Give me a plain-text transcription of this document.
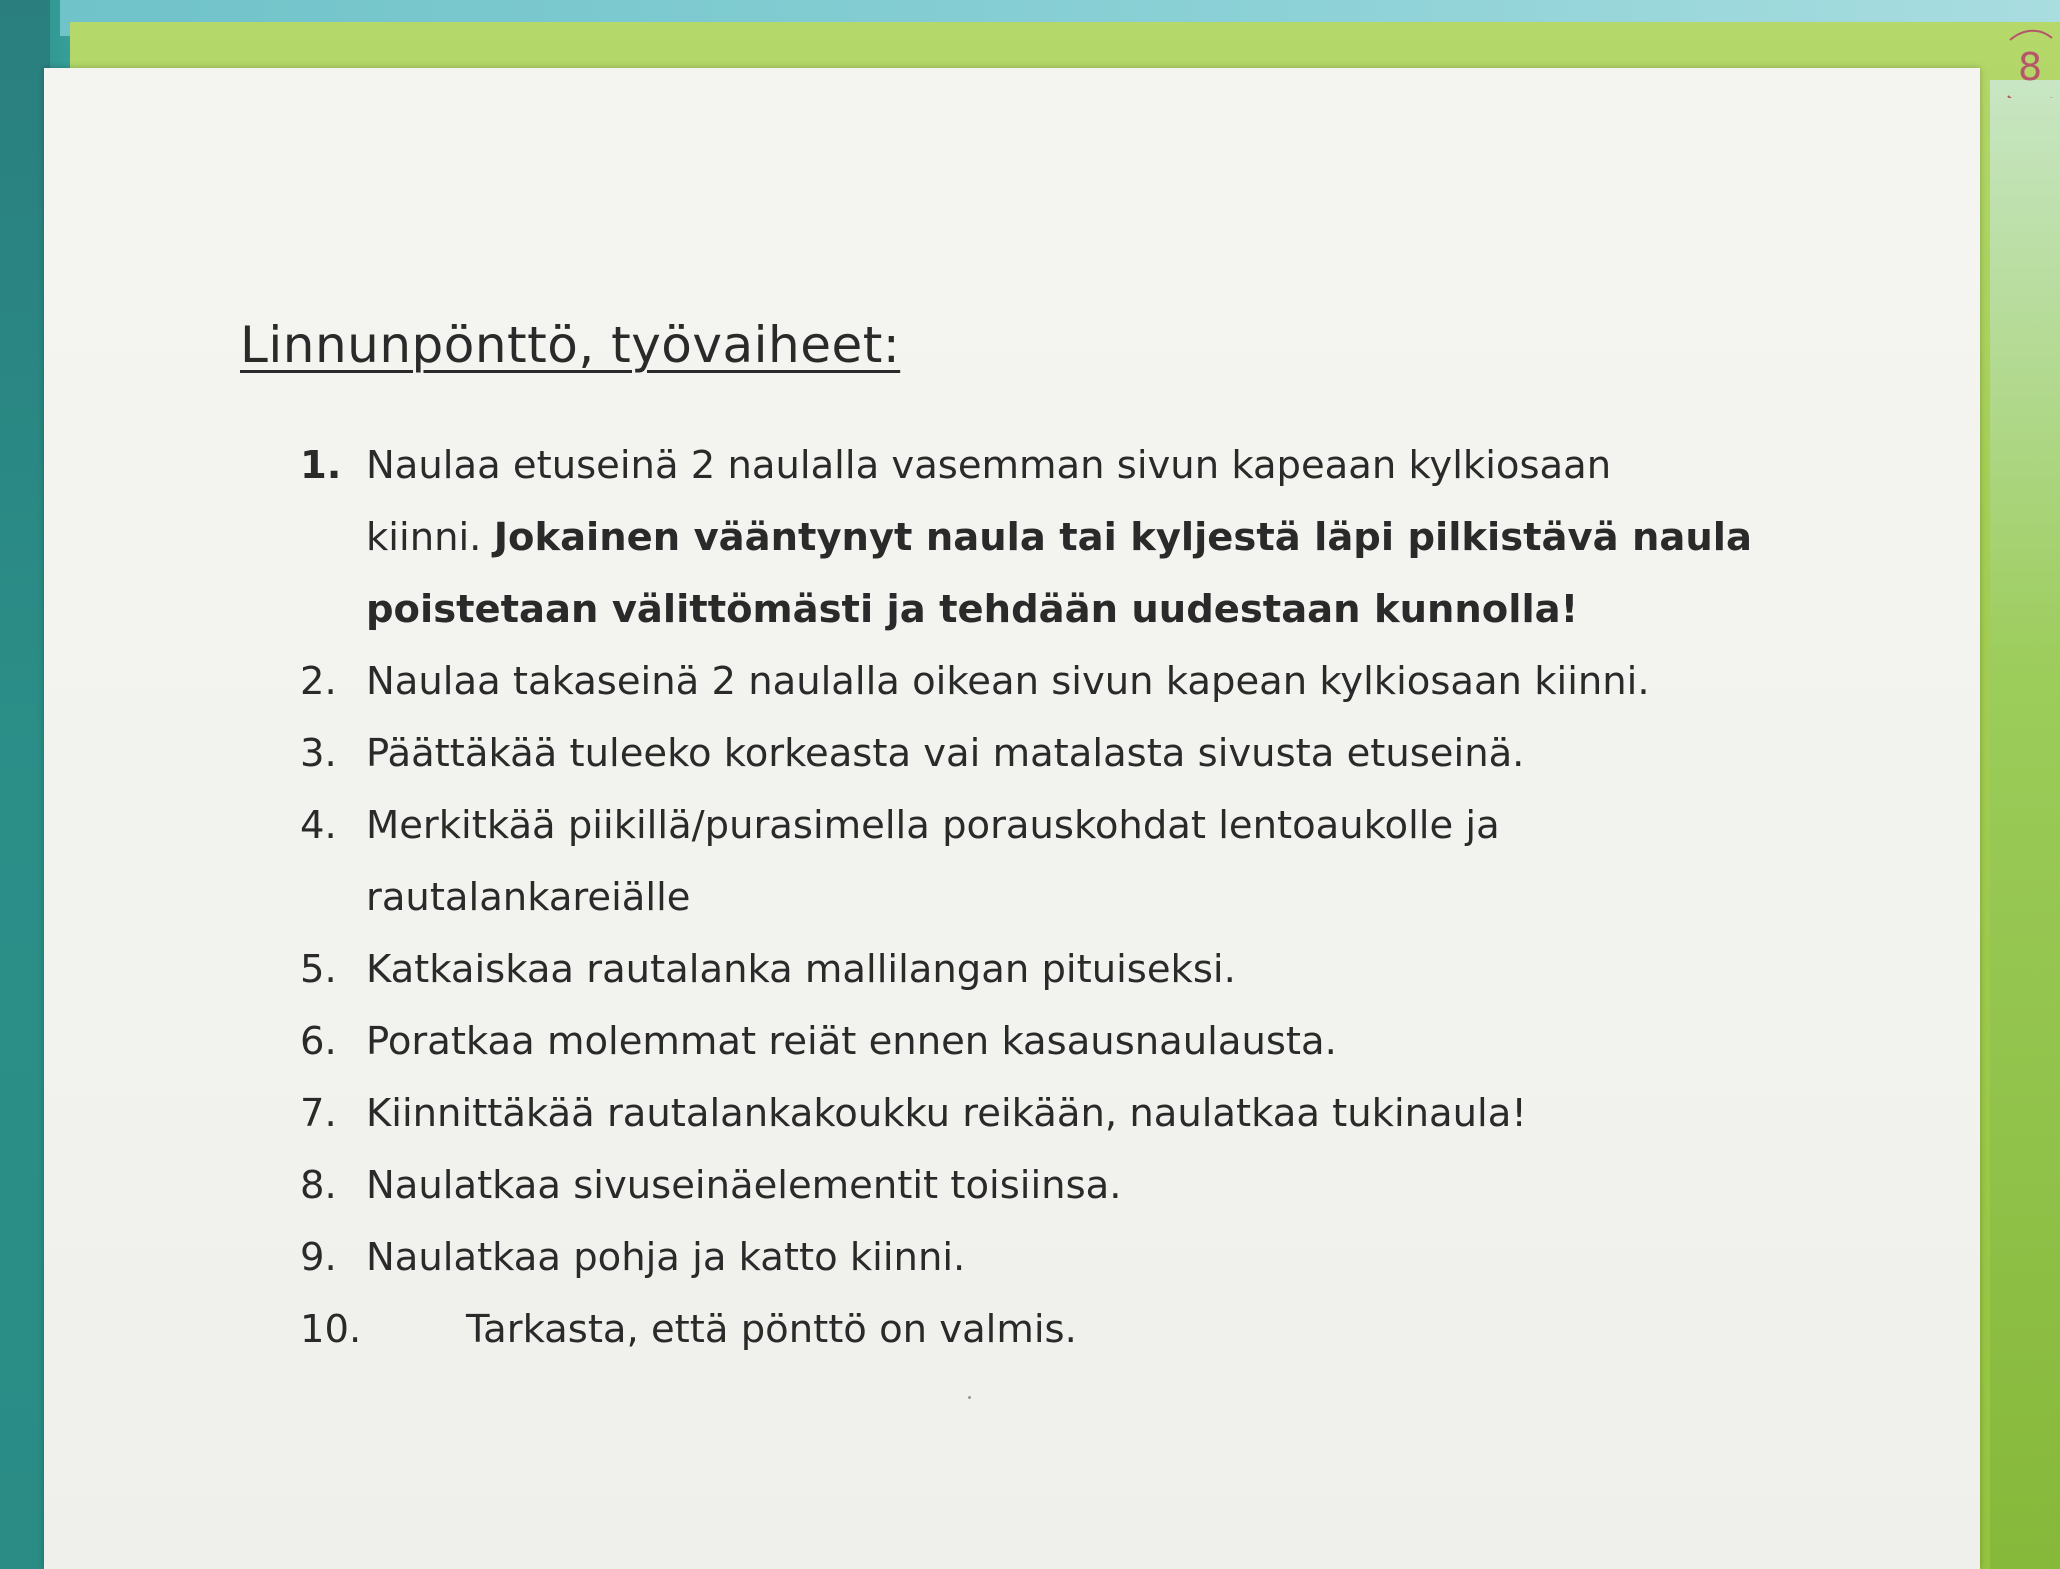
8
Linnunpönttö, työvaiheet:
1. Naulaa etuseinä 2 naulalla vasemman sivun kapeaan kylkiosaan
kiinni. Jokainen vääntynyt naula tai kyljestä läpi pilkistävä naula
poistetaan välittömästi ja tehdään uudestaan kunnolla!
2. Naulaa takaseinä 2 naulalla oikean sivun kapean kylkiosaan kiinni.
3. Päättäkää tuleeko korkeasta vai matalasta sivusta etuseinä.
4. Merkitkää piikillä/purasimella porauskohdat lentoaukolle ja
rautalankareiälle
5. Katkaiskaa rautalanka mallilangan pituiseksi.
6. Poratkaa molemmat reiät ennen kasausnaulausta.
7. Kiinnittäkää rautalankakoukku reikään, naulatkaa tukinaula!
8. Naulatkaa sivuseinäelementit toisiinsa.
9. Naulatkaa pohja ja katto kiinni.
10.	Tarkasta, että pönttö on valmis.
